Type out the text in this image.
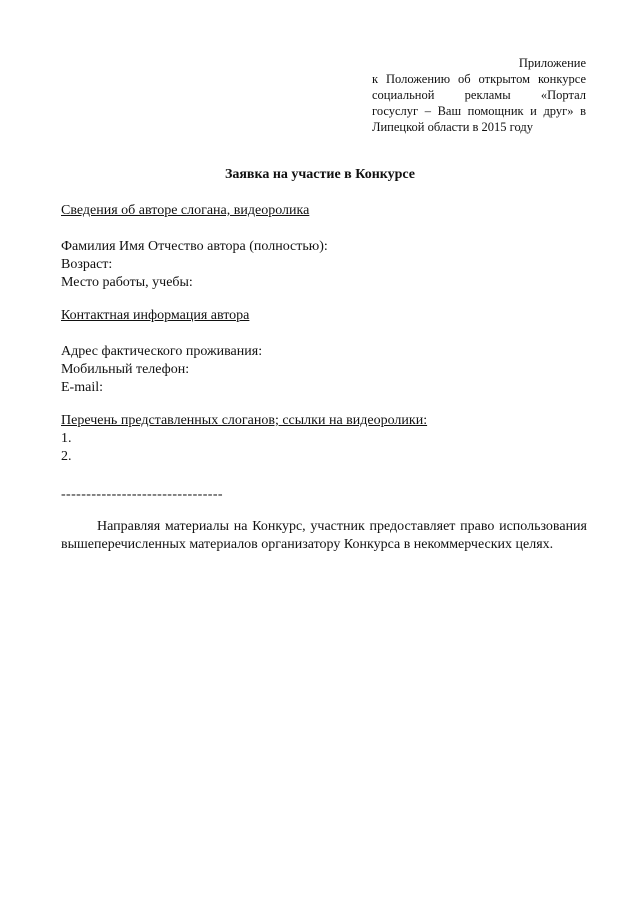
Приложение
к Положению об открытом конкурсе
социальной рекламы «Портал
госуслуг – Ваш помощник и друг» в
Липецкой области в 2015 году
Заявка на участие в Конкурсе
Сведения об авторе слогана, видеоролика
Фамилия Имя Отчество автора (полностью):
Возраст:
Место работы, учебы:
Контактная информация автора
Адрес фактического проживания:
Мобильный телефон:
E-mail:
Перечень представленных слоганов; ссылки на видеоролики:
1.
2.
--------------------------------
Направляя материалы на Конкурс, участник предоставляет право использования вышеперечисленных материалов организатору Конкурса в некоммерческих целях.
